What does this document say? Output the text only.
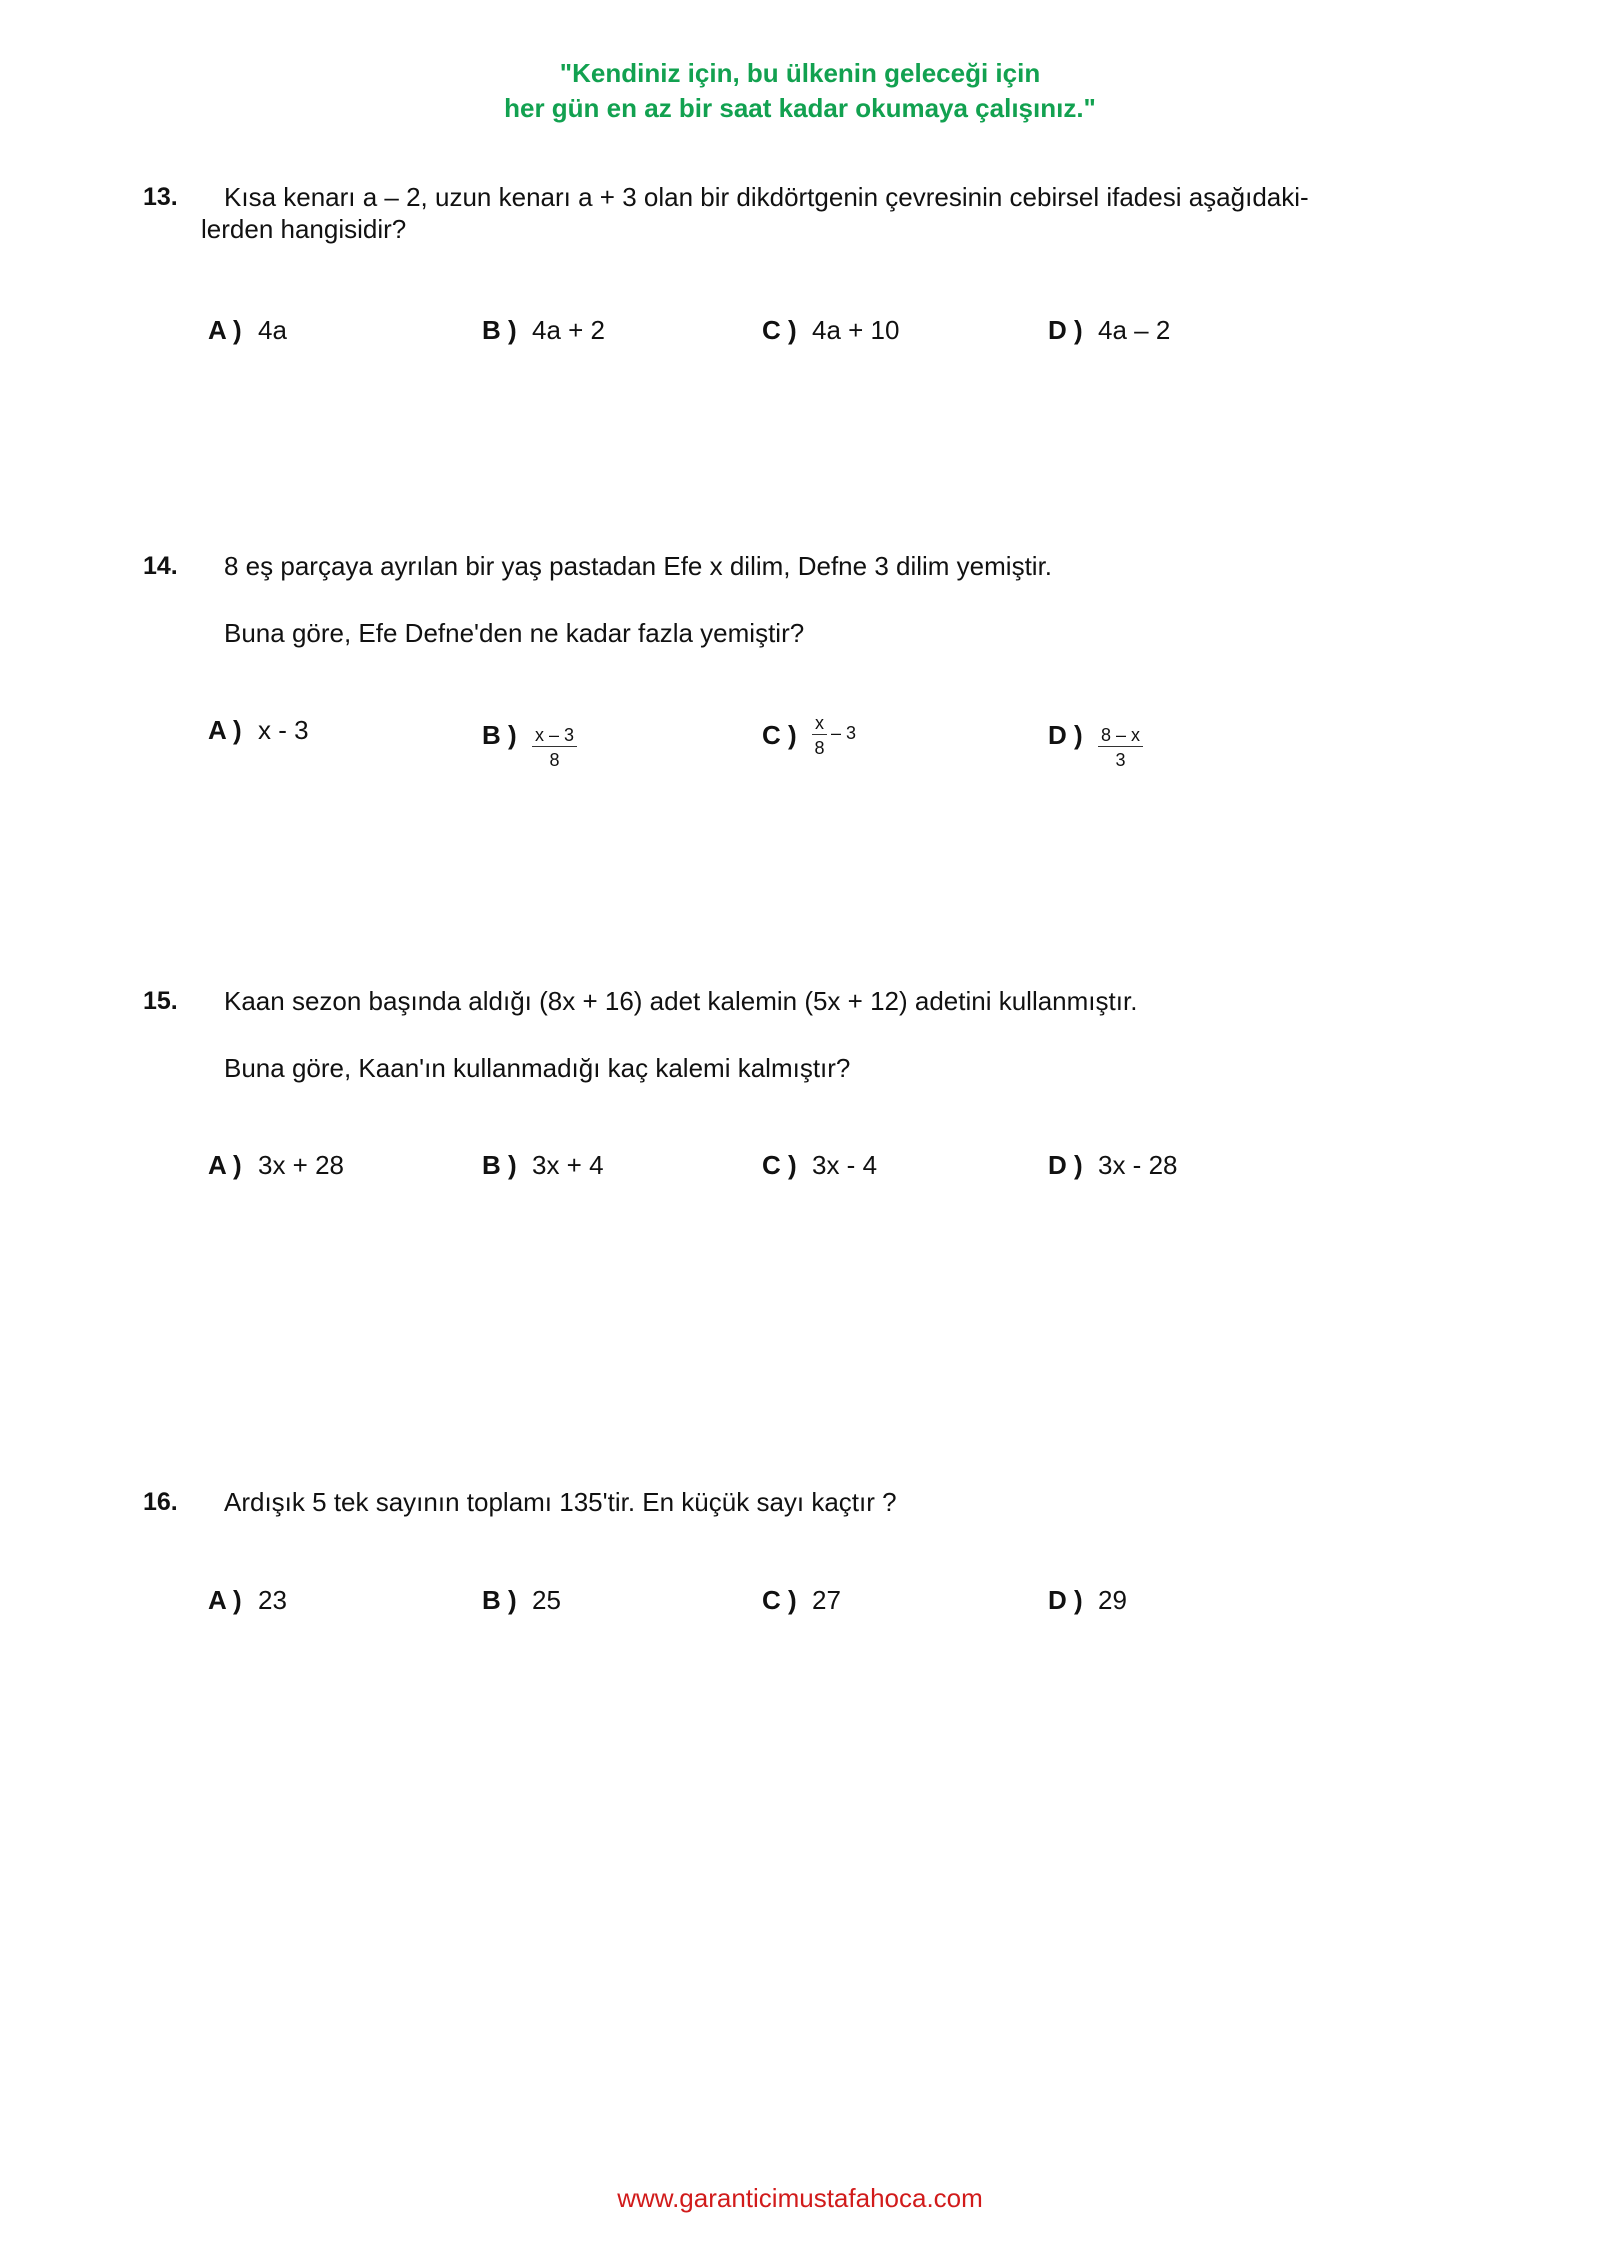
"Kendiniz için, bu ülkenin geleceği için
her gün en az bir saat kadar okumaya çalışınız."
13. Kısa kenarı a – 2, uzun kenarı a + 3 olan bir dikdörtgenin çevresinin cebirsel ifadesi aşağıdaki-
lerden hangisidir?
A ) 4a	B ) 4a + 2	C ) 4a + 10	D ) 4a – 2
14. 8 eş parçaya ayrılan bir yaş pastadan Efe x dilim, Defne 3 dilim yemiştir.
Buna göre, Efe Defne'den ne kadar fazla yemiştir?
A ) x - 3	B ) $\frac{x - 3}{8}$	C ) $\frac{x}{8} - 3$	D ) $\frac{8 - x}{3}$
15. Kaan sezon başında aldığı (8x + 16) adet kalemin (5x + 12) adetini kullanmıştır.
Buna göre, Kaan'ın kullanmadığı kaç kalemi kalmıştır?
A ) 3x + 28	B ) 3x + 4	C ) 3x - 4	D ) 3x - 28
16. Ardışık 5 tek sayının toplamı 135'tir. En küçük sayı kaçtır ?
A ) 23	B ) 25	C ) 27	D ) 29
www.garanticimustafahoca.com
